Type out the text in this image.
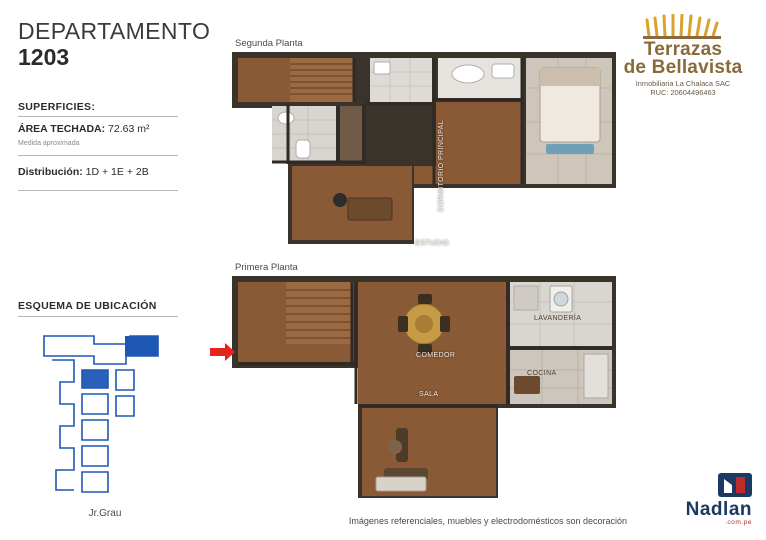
DEPARTAMENTO
1203
SUPERFICIES:
ÁREA TECHADA: 72.63 m²
Medida aproximada
Distribución: 1D + 1E + 2B
ESQUEMA DE UBICACIÓN
Jr.Grau
Segunda Planta
Primera Planta
DORMITORIO PRINCIPAL
ESTUDIO
COMEDOR
SALA
LAVANDERÍA
COCINA
Imágenes referenciales, muebles y electrodomésticos son decoración
Terrazas
de Bellavista
Inmobiliaria La Chalaca SAC
RUC: 20604496463
Nadlan
.com.pe
